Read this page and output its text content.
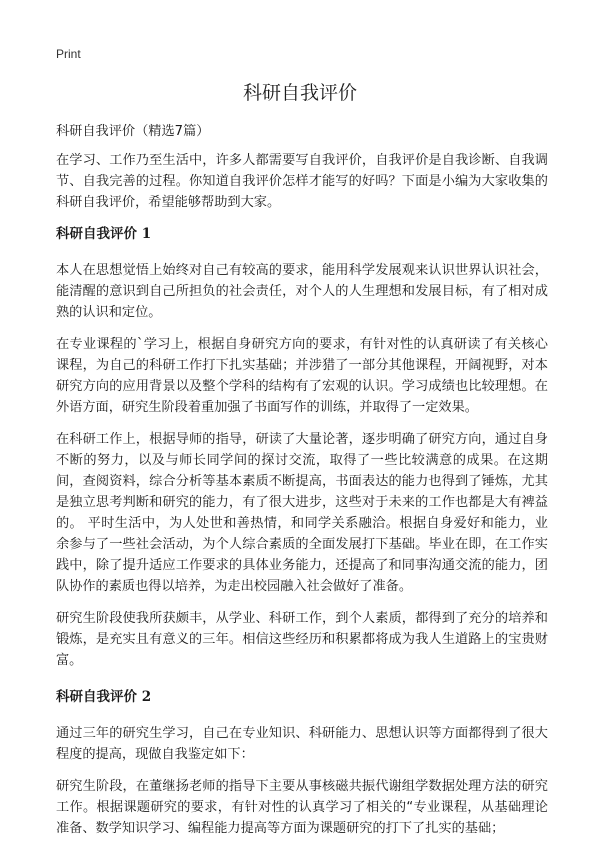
Print
科研自我评价

科研自我评价（精选7篇）

在学习、工作乃至生活中，许多人都需要写自我评价，自我评价是自我诊断、自我调节、自我完善的过程。你知道自我评价怎样才能写的好吗？下面是小编为大家收集的科研自我评价，希望能够帮助到大家。

科研自我评价 1

本人在思想觉悟上始终对自己有较高的要求，能用科学发展观来认识世界认识社会，能清醒的意识到自己所担负的社会责任，对个人的人生理想和发展目标，有了相对成熟的认识和定位。

在专业课程的`学习上，根据自身研究方向的要求，有针对性的认真研读了有关核心课程，为自己的科研工作打下扎实基础；并涉猎了一部分其他课程，开阔视野，对本研究方向的应用背景以及整个学科的结构有了宏观的认识。学习成绩也比较理想。在外语方面，研究生阶段着重加强了书面写作的训练，并取得了一定效果。

在科研工作上，根据导师的指导，研读了大量论著，逐步明确了研究方向，通过自身不断的努力，以及与师长同学间的探讨交流，取得了一些比较满意的成果。在这期间，查阅资料，综合分析等基本素质不断提高，书面表达的能力也得到了锤炼，尤其是独立思考判断和研究的能力，有了很大进步，这些对于未来的工作也都是大有裨益的。 平时生活中，为人处世和善热情，和同学关系融洽。根据自身爱好和能力，业余参与了一些社会活动，为个人综合素质的全面发展打下基础。毕业在即，在工作实践中，除了提升适应工作要求的具体业务能力，还提高了和同事沟通交流的能力，团队协作的素质也得以培养，为走出校园融入社会做好了准备。

研究生阶段使我所获颇丰，从学业、科研工作，到个人素质，都得到了充分的培养和锻炼，是充实且有意义的三年。相信这些经历和积累都将成为我人生道路上的宝贵财富。

科研自我评价 2

通过三年的研究生学习，自己在专业知识、科研能力、思想认识等方面都得到了很大程度的提高，现做自我鉴定如下：

研究生阶段，在董继扬老师的指导下主要从事核磁共振代谢组学数据处理方法的研究工作。根据课题研究的要求，有针对性的认真学习了相关的“专业课程，从基础理论准备、数学知识学习、编程能力提高等方面为课题研究的打下了扎实的基础；
